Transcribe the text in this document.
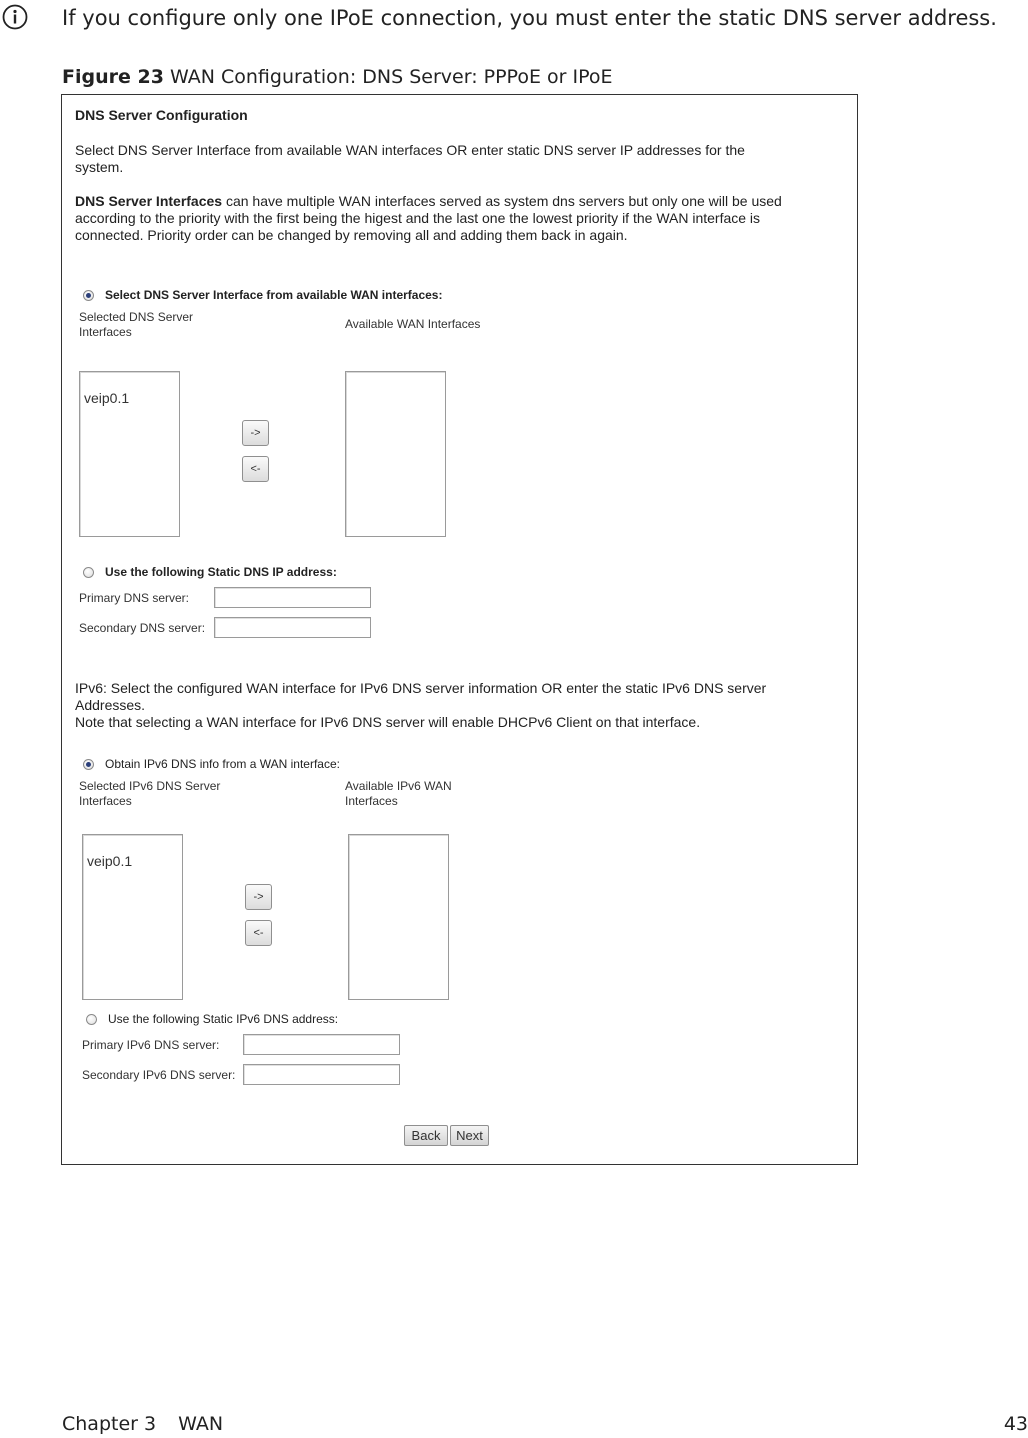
If you configure only one IPoE connection, you must enter the static DNS server address.
Figure 23 WAN Configuration: DNS Server: PPPoE or IPoE
DNS Server Configuration
Select DNS Server Interface from available WAN interfaces OR enter static DNS server IP addresses for the system.
DNS Server Interfaces can have multiple WAN interfaces served as system dns servers but only one will be used according to the priority with the first being the higest and the last one the lowest priority if the WAN interface is connected. Priority order can be changed by removing all and adding them back in again.
Select DNS Server Interface from available WAN interfaces:
Selected DNS Server Interfaces
Available WAN Interfaces
veip0.1
->
<-
Use the following Static DNS IP address:
Primary DNS server:
Secondary DNS server:
IPv6: Select the configured WAN interface for IPv6 DNS server information OR enter the static IPv6 DNS server Addresses.
Note that selecting a WAN interface for IPv6 DNS server will enable DHCPv6 Client on that interface.
Obtain IPv6 DNS info from a WAN interface:
Selected IPv6 DNS Server Interfaces
Available IPv6 WAN Interfaces
veip0.1
->
<-
Use the following Static IPv6 DNS address:
Primary IPv6 DNS server:
Secondary IPv6 DNS server:
Back	Next
Chapter 3 WAN	43
